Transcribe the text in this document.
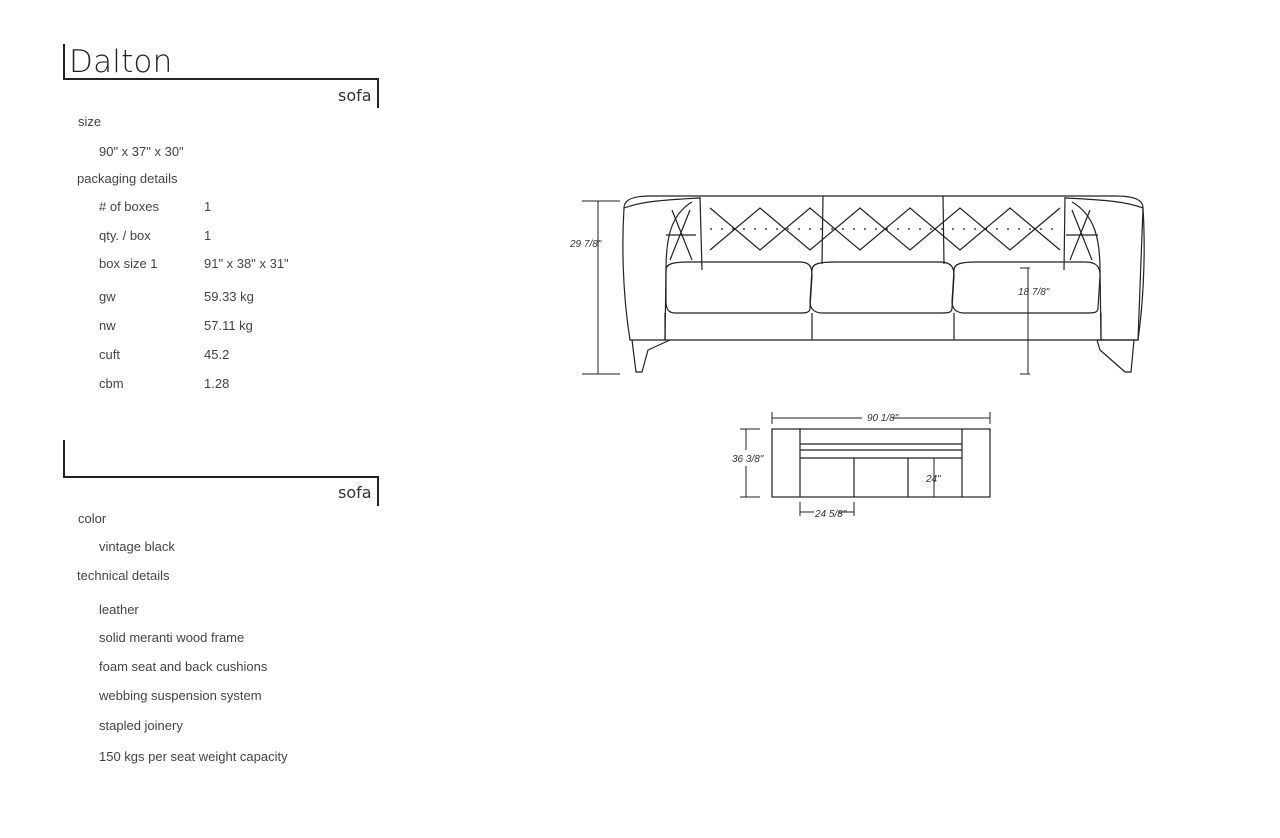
Dalton
sofa
size
90" x 37" x 30"
packaging details
# of boxes	1
qty. / box	1
box size 1	91" x 38" x 31"
gw	59.33 kg
nw	57.11 kg
cuft	45.2
cbm	1.28
sofa
color
vintage black
technical details
leather
solid meranti wood frame
foam seat and back cushions
webbing suspension system
stapled joinery
150 kgs per seat weight capacity
29 7/8"
18 7/8"
90 1/8"
36 3/8"
24"
24 5/8"
